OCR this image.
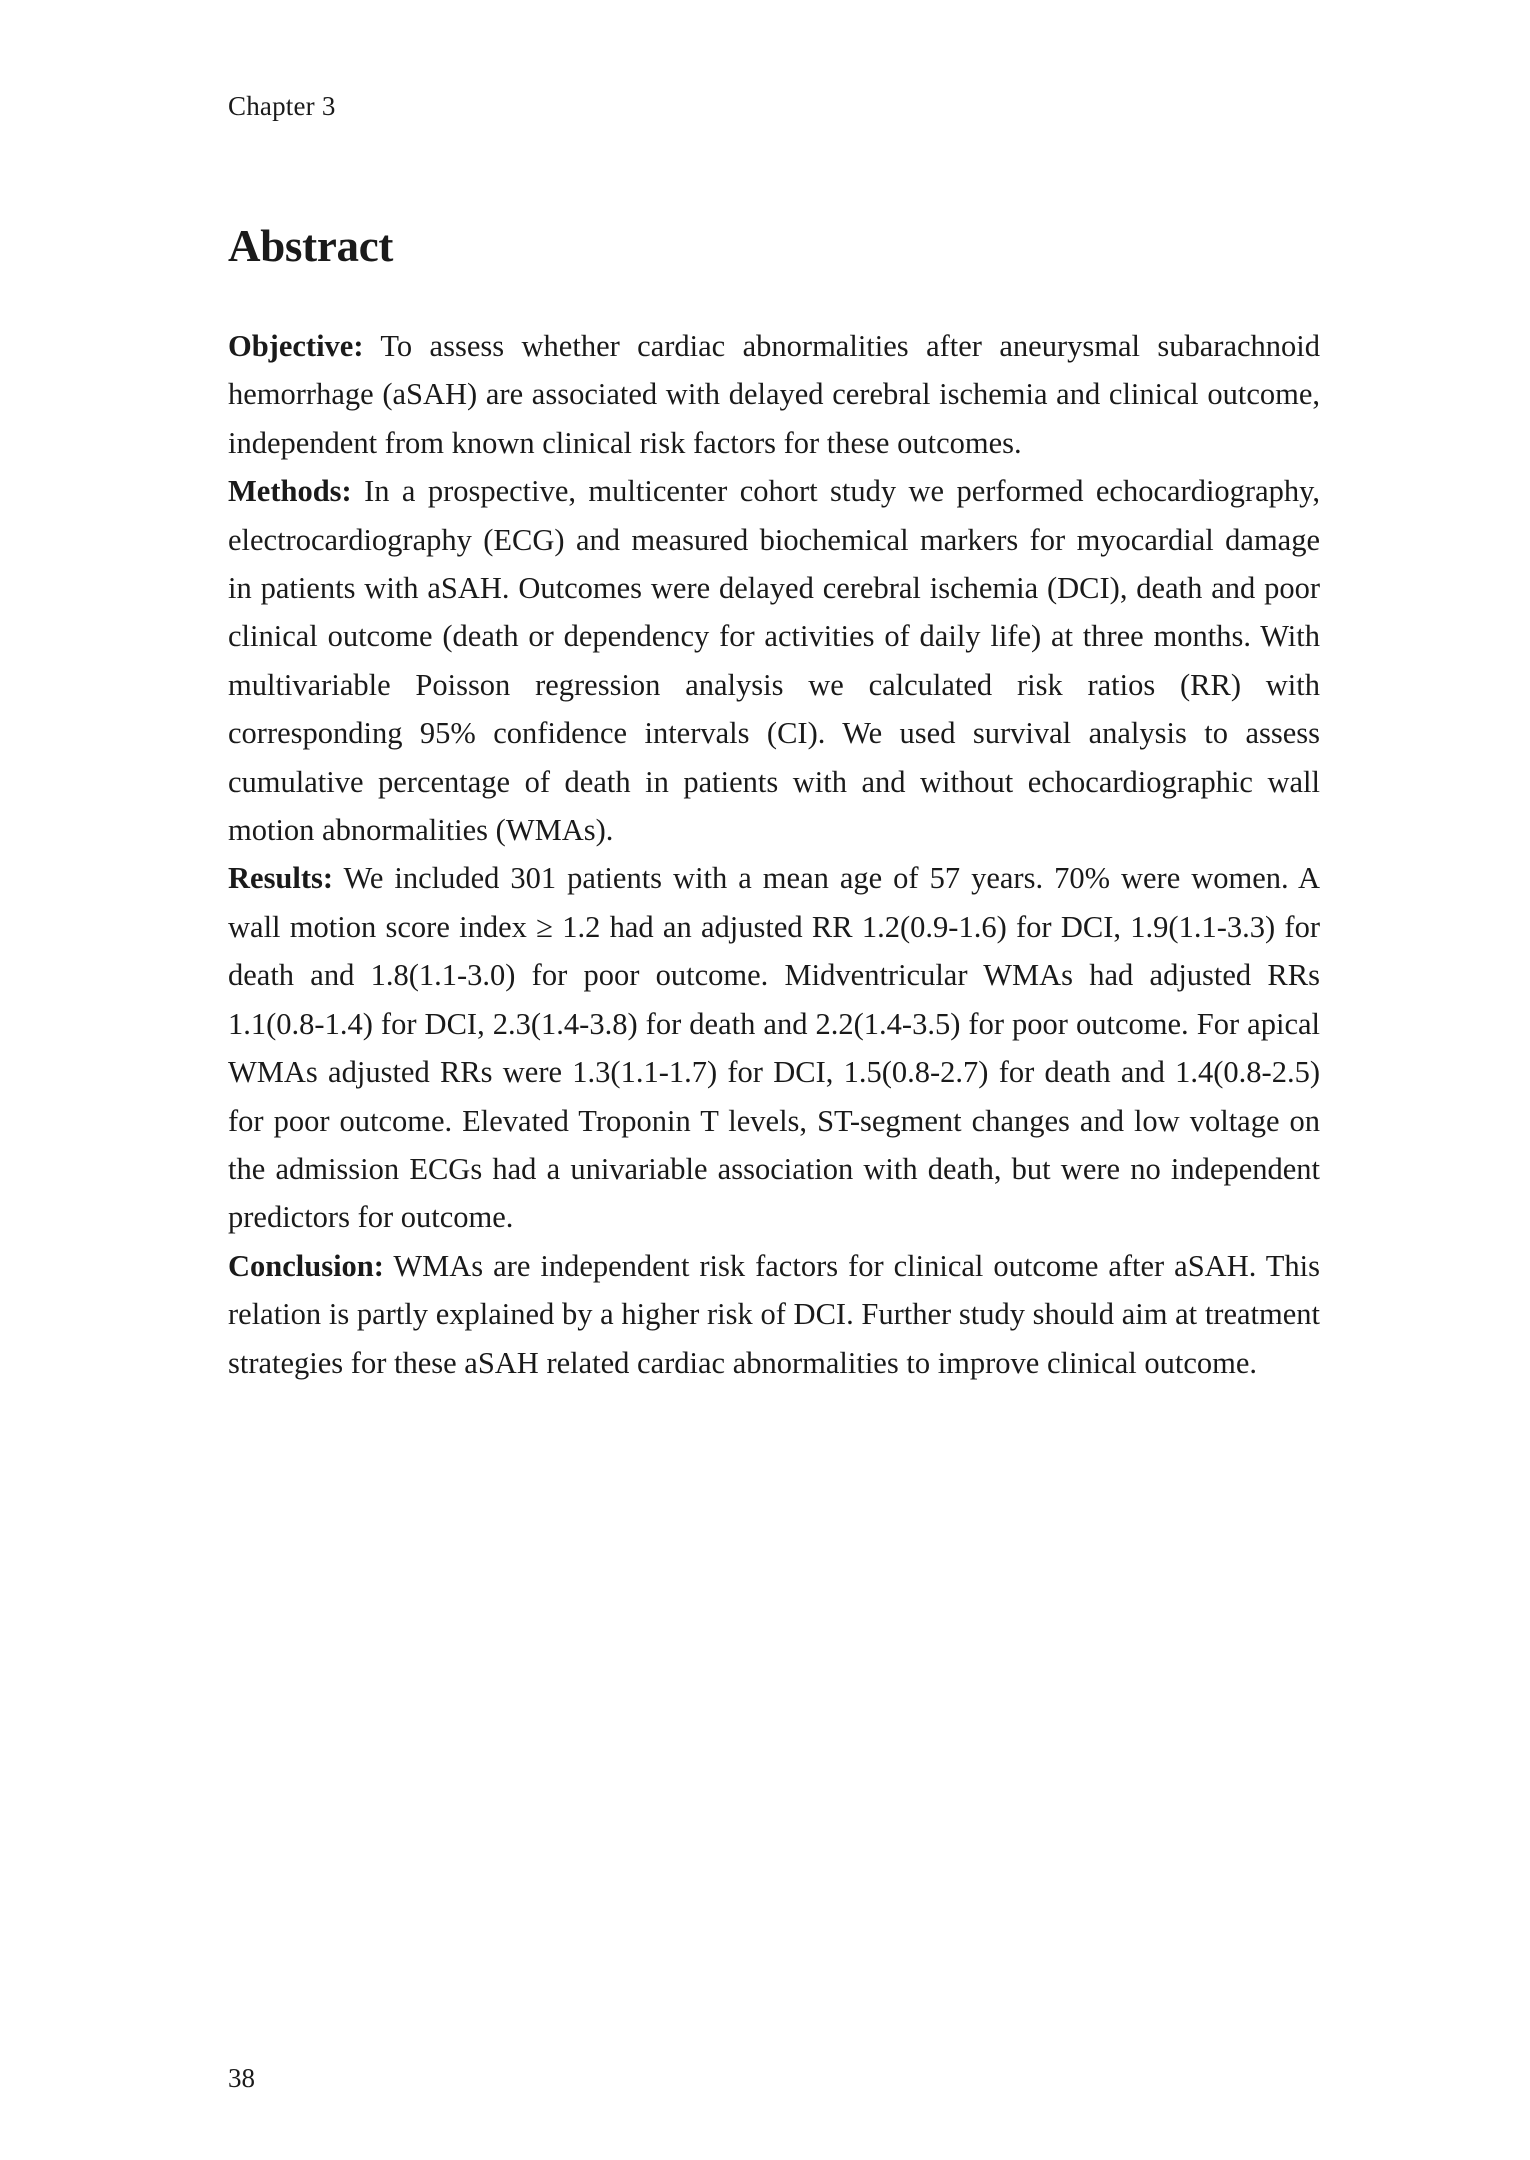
Chapter 3
Abstract

Objective: To assess whether cardiac abnormalities after aneurysmal subarachnoid hemorrhage (aSAH) are associated with delayed cerebral ischemia and clinical outcome, independent from known clinical risk factors for these outcomes.

Methods: In a prospective, multicenter cohort study we performed echocardiography, electrocardiography (ECG) and measured biochemical markers for myocardial damage in patients with aSAH. Outcomes were delayed cerebral ischemia (DCI), death and poor clinical outcome (death or dependency for activities of daily life) at three months. With multivariable Poisson regression analysis we calculated risk ratios (RR) with corresponding 95% confidence intervals (CI). We used survival analysis to assess cumulative percentage of death in patients with and without echocardiographic wall motion abnormalities (WMAs).

Results: We included 301 patients with a mean age of 57 years. 70% were women. A wall motion score index ≥ 1.2 had an adjusted RR 1.2(0.9-1.6) for DCI, 1.9(1.1-3.3) for death and 1.8(1.1-3.0) for poor outcome. Midventricular WMAs had adjusted RRs 1.1(0.8-1.4) for DCI, 2.3(1.4-3.8) for death and 2.2(1.4-3.5) for poor outcome. For apical WMAs adjusted RRs were 1.3(1.1-1.7) for DCI, 1.5(0.8-2.7) for death and 1.4(0.8-2.5) for poor outcome. Elevated Troponin T levels, ST-segment changes and low voltage on the admission ECGs had a univariable association with death, but were no independent predictors for outcome.

Conclusion: WMAs are independent risk factors for clinical outcome after aSAH. This relation is partly explained by a higher risk of DCI. Further study should aim at treatment strategies for these aSAH related cardiac abnormalities to improve clinical outcome.

38
